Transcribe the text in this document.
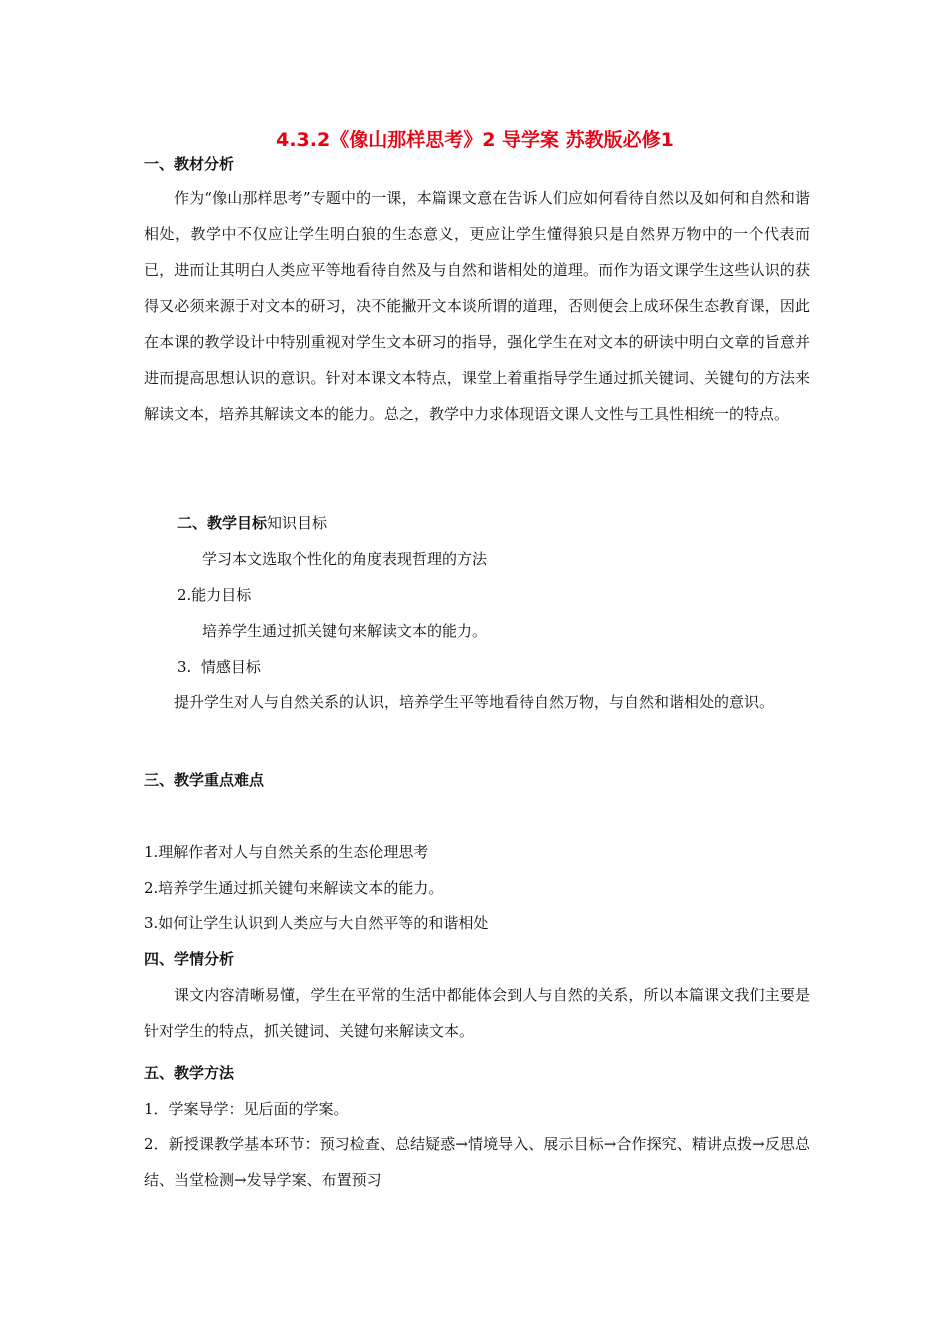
4.3.2《像山那样思考》2 导学案 苏教版必修1
一、教材分析
作为“像山那样思考”专题中的一课，本篇课文意在告诉人们应如何看待自然以及如何和自然和谐相处，教学中不仅应让学生明白狼的生态意义，更应让学生懂得狼只是自然界万物中的一个代表而已，进而让其明白人类应平等地看待自然及与自然和谐相处的道理。而作为语文课学生这些认识的获得又必须来源于对文本的研习，决不能撇开文本谈所谓的道理，否则便会上成环保生态教育课，因此在本课的教学设计中特别重视对学生文本研习的指导，强化学生在对文本的研读中明白文章的旨意并进而提高思想认识的意识。针对本课文本特点，课堂上着重指导学生通过抓关键词、关键句的方法来解读文本，培养其解读文本的能力。总之，教学中力求体现语文课人文性与工具性相统一的特点。
二、教学目标知识目标
学习本文选取个性化的角度表现哲理的方法
2.能力目标
培养学生通过抓关键句来解读文本的能力。
3.  情感目标
提升学生对人与自然关系的认识，培养学生平等地看待自然万物，与自然和谐相处的意识。
三、教学重点难点
1.理解作者对人与自然关系的生态伦理思考
2.培养学生通过抓关键句来解读文本的能力。
3.如何让学生认识到人类应与大自然平等的和谐相处
四、学情分析
课文内容清晰易懂，学生在平常的生活中都能体会到人与自然的关系，所以本篇课文我们主要是针对学生的特点，抓关键词、关键句来解读文本。
五、教学方法
1．学案导学：见后面的学案。
2．新授课教学基本环节：预习检查、总结疑惑→情境导入、展示目标→合作探究、精讲点拨→反思总结、当堂检测→发导学案、布置预习
